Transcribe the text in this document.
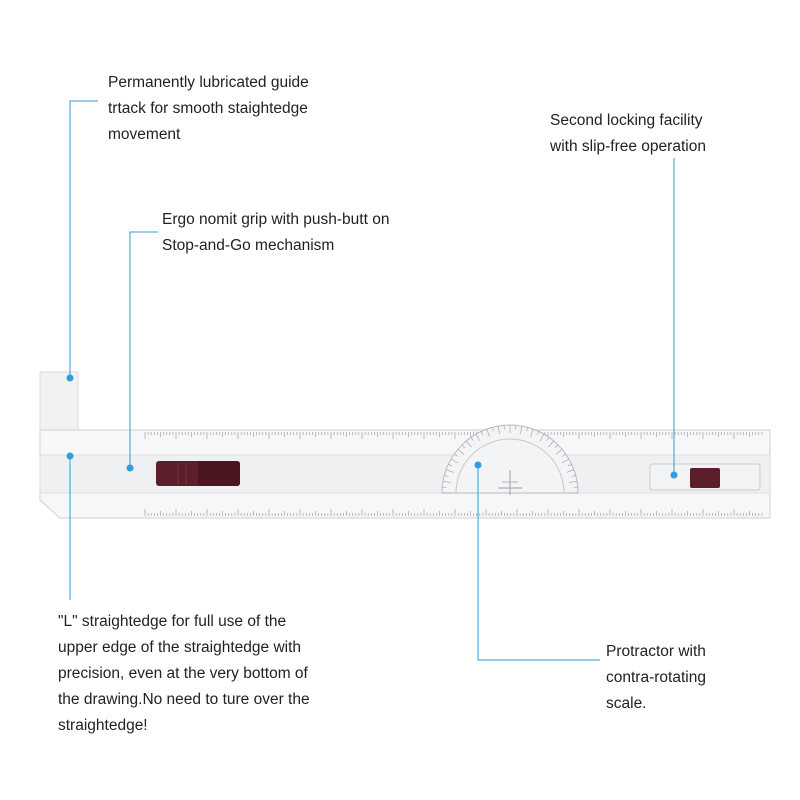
Permanently lubricated guide
trtack for smooth staightedge
movement
Ergo nomit grip with push-butt on
Stop-and-Go mechanism
Second locking facility
with slip-free operation
"L" straightedge for full use of the
upper edge of the straightedge with
precision, even at the very bottom of
the drawing.No need to ture over the
straightedge!
Protractor with
contra-rotating
scale.
